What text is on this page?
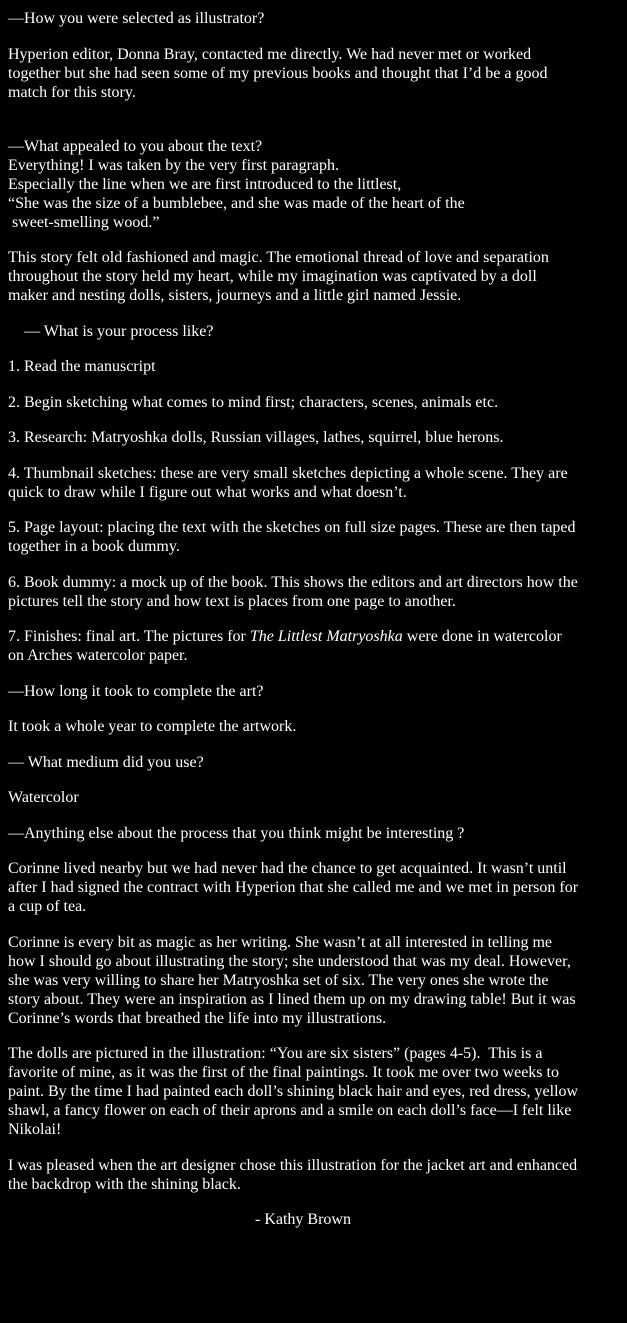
—How you were selected as illustrator?

Hyperion editor, Donna Bray, contacted me directly. We had never met or worked
together but she had seen some of my previous books and thought that I’d be a good
match for this story.

—What appealed to you about the text?
Everything! I was taken by the very first paragraph.
Especially the line when we are first introduced to the littlest,
“She was the size of a bumblebee, and she was made of the heart of the
sweet-smelling wood.”

This story felt old fashioned and magic. The emotional thread of love and separation
throughout the story held my heart, while my imagination was captivated by a doll
maker and nesting dolls, sisters, journeys and a little girl named Jessie.

— What is your process like?

1. Read the manuscript

2. Begin sketching what comes to mind first; characters, scenes, animals etc.

3. Research: Matryoshka dolls, Russian villages, lathes, squirrel, blue herons.

4. Thumbnail sketches: these are very small sketches depicting a whole scene. They are
quick to draw while I figure out what works and what doesn’t.

5. Page layout: placing the text with the sketches on full size pages. These are then taped
together in a book dummy.

6. Book dummy: a mock up of the book. This shows the editors and art directors how the
pictures tell the story and how text is places from one page to another.

7. Finishes: final art. The pictures for The Littlest Matryoshka were done in watercolor
on Arches watercolor paper.

—How long it took to complete the art?

It took a whole year to complete the artwork.

— What medium did you use?

Watercolor

—Anything else about the process that you think might be interesting ?

Corinne lived nearby but we had never had the chance to get acquainted. It wasn’t until
after I had signed the contract with Hyperion that she called me and we met in person for
a cup of tea.

Corinne is every bit as magic as her writing. She wasn’t at all interested in telling me
how I should go about illustrating the story; she understood that was my deal. However,
she was very willing to share her Matryoshka set of six. The very ones she wrote the
story about. They were an inspiration as I lined them up on my drawing table! But it was
Corinne’s words that breathed the life into my illustrations.

The dolls are pictured in the illustration: “You are six sisters” (pages 4-5).  This is a
favorite of mine, as it was the first of the final paintings. It took me over two weeks to
paint. By the time I had painted each doll’s shining black hair and eyes, red dress, yellow
shawl, a fancy flower on each of their aprons and a smile on each doll’s face—I felt like
Nikolai!

I was pleased when the art designer chose this illustration for the jacket art and enhanced
the backdrop with the shining black.

- Kathy Brown
